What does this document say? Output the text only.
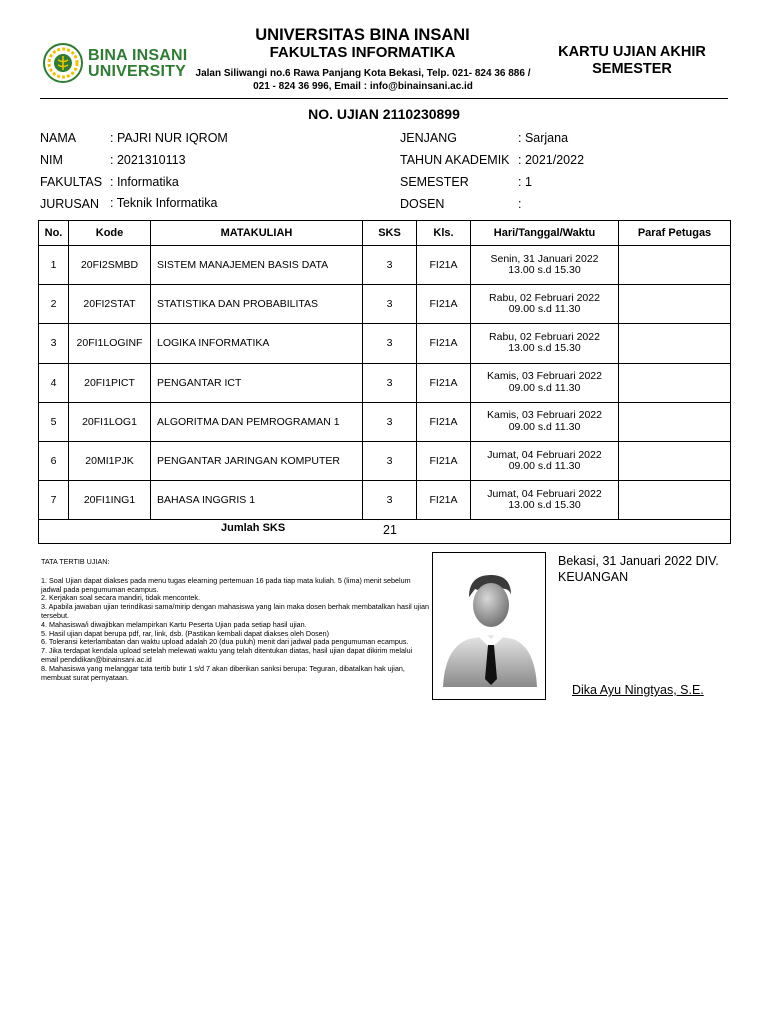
BINA INSANI
UNIVERSITY
UNIVERSITAS BINA INSANI
FAKULTAS INFORMATIKA
Jalan Siliwangi no.6 Rawa Panjang Kota Bekasi, Telp. 021- 824 36 886 /
021 - 824 36 996, Email : info@binainsani.ac.id
KARTU UJIAN AKHIR
SEMESTER
NO. UJIAN 2110230899
NAMA	: PAJRI NUR IQROM
NIM	: 2021310113
FAKULTAS : Informatika
JURUSAN : Teknik Informatika
JENJANG	: Sarjana
TAHUN AKADEMIK : 2021/2022
SEMESTER	: 1
DOSEN	:
No.	Kode	MATAKULIAH	SKS	Kls.	Hari/Tanggal/Waktu	Paraf Petugas
1	20FI2SMBD	SISTEM MANAJEMEN BASIS DATA	3	FI21A	Senin, 31 Januari 2022
13.00 s.d 15.30	

2	20FI2STAT	STATISTIKA DAN PROBABILITAS	3	FI21A	Rabu, 02 Februari 2022
09.00 s.d 11.30	

3	20FI1LOGINF	LOGIKA INFORMATIKA	3	FI21A	Rabu, 02 Februari 2022
13.00 s.d 15.30	

4	20FI1PICT	PENGANTAR ICT	3	FI21A	Kamis, 03 Februari 2022
09.00 s.d 11.30	

5	20FI1LOG1	ALGORITMA DAN PEMROGRAMAN 1	3	FI21A	Kamis, 03 Februari 2022
09.00 s.d 11.30	

6	20MI1PJK	PENGANTAR JARINGAN KOMPUTER	3	FI21A	Jumat, 04 Februari 2022
09.00 s.d 11.30	

7	20FI1ING1	BAHASA INGGRIS 1	3	FI21A	Jumat, 04 Februari 2022
13.00 s.d 15.30	

Jumlah SKS	21
TATA TERTIB UJIAN:
1. Soal Ujian dapat diakses pada menu tugas elearning pertemuan 16 pada tiap mata kuliah. 5 (lima) menit sebelum jadwal pada pengumuman ecampus.
2. Kerjakan soal secara mandiri, tidak mencontek.
3. Apabila jawaban ujian terindikasi sama/mirip dengan mahasiswa yang lain maka dosen berhak membatalkan hasil ujian tersebut.
4. Mahasiswa/i diwajibkan melampirkan Kartu Peserta Ujian pada setiap hasil ujian.
5. Hasil ujian dapat berupa pdf, rar, link, dsb. (Pastikan kembali dapat diakses oleh Dosen)
6. Toleransi keterlambatan dan waktu upload adalah 20 (dua puluh) menit dari jadwal pada pengumuman ecampus.
7. Jika terdapat kendala upload setelah melewati waktu yang telah ditentukan diatas, hasil ujian dapat dikirim melalui email pendidikan@binainsani.ac.id
8. Mahasiswa yang melanggar tata tertib butir 1 s/d 7 akan diberikan sanksi berupa: Teguran, dibatalkan hak ujian, membuat surat pernyataan.
Bekasi, 31 Januari 2022 DIV. KEUANGAN
Dika Ayu Ningtyas, S.E.
